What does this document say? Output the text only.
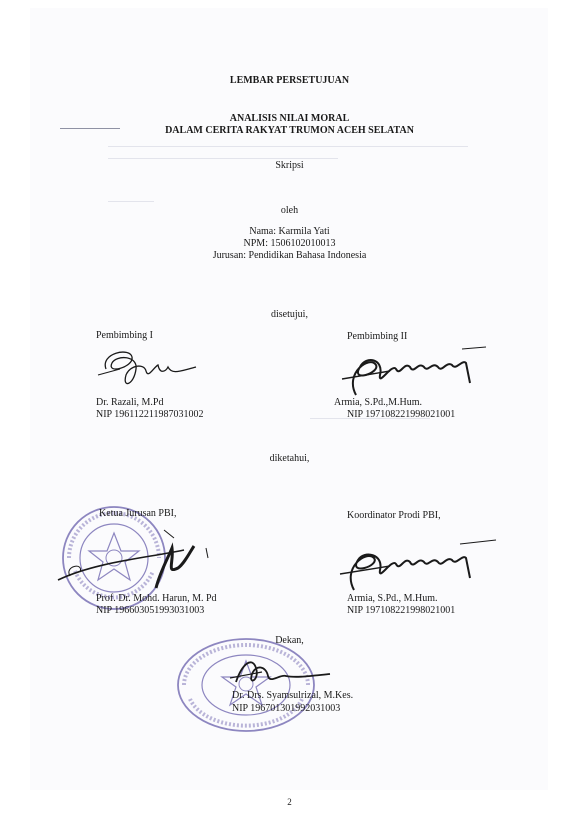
LEMBAR PERSETUJUAN
ANALISIS NILAI MORAL
DALAM CERITA RAKYAT TRUMON ACEH SELATAN
Skripsi
oleh
Nama: Karmila Yati
NPM: 1506102010013
Jurusan: Pendidikan Bahasa Indonesia
disetujui,
Pembimbing I	Pembimbing II
Dr. Razali, M.Pd
NIP 196112211987031002
Armia, S.Pd.,M.Hum.
NIP 197108221998021001
diketahui,
Ketua Jurusan PBI,	Koordinator Prodi PBI,
Prof. Dr. Mohd. Harun, M. Pd
NIP 196603051993031003
Armia, S.Pd., M.Hum.
NIP 197108221998021001
Dekan,
Dr. Drs. Syamsulrizal, M.Kes.
NIP 196701301992031003
2
